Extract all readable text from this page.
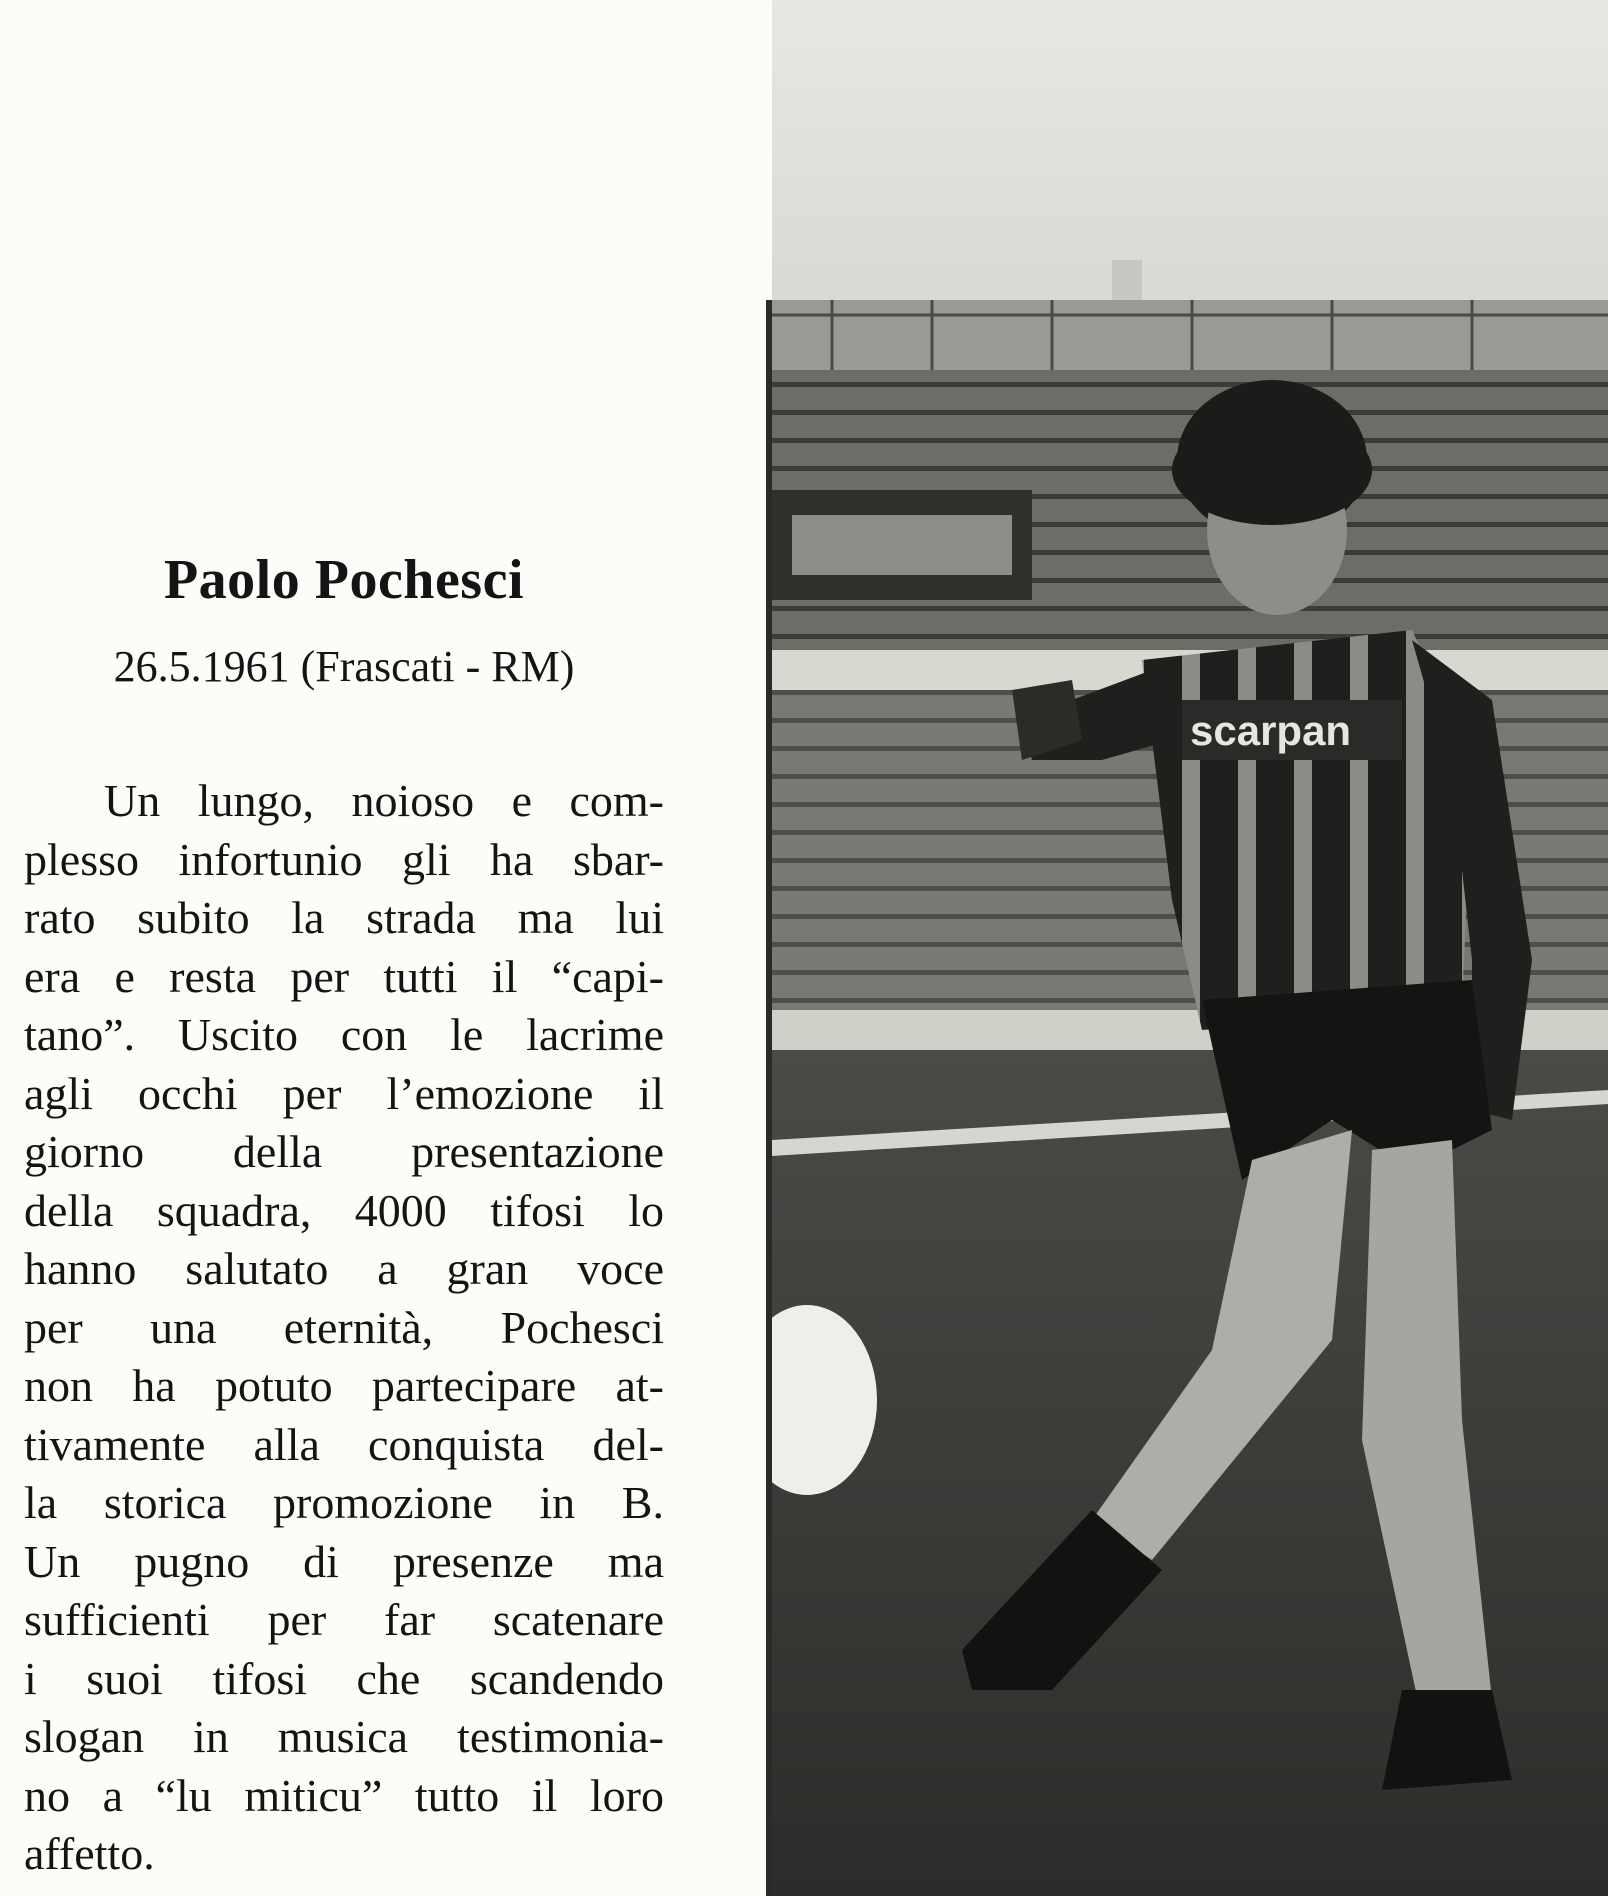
Paolo Pochesci
26.5.1961 (Frascati - RM)
Un lungo, noioso e com-
plesso infortunio gli ha sbar-
rato subito la strada ma lui
era e resta per tutti il “capi-
tano”. Uscito con le lacrime
agli occhi per l’emozione il
giorno della presentazione
della squadra, 4000 tifosi lo
hanno salutato a gran voce
per una eternità, Pochesci
non ha potuto partecipare at-
tivamente alla conquista del-
la storica promozione in B.
Un pugno di presenze ma
sufficienti per far scatenare
i suoi tifosi che scandendo
slogan in musica testimonia-
no a “lu miticu” tutto il loro
affetto.
scarpan
